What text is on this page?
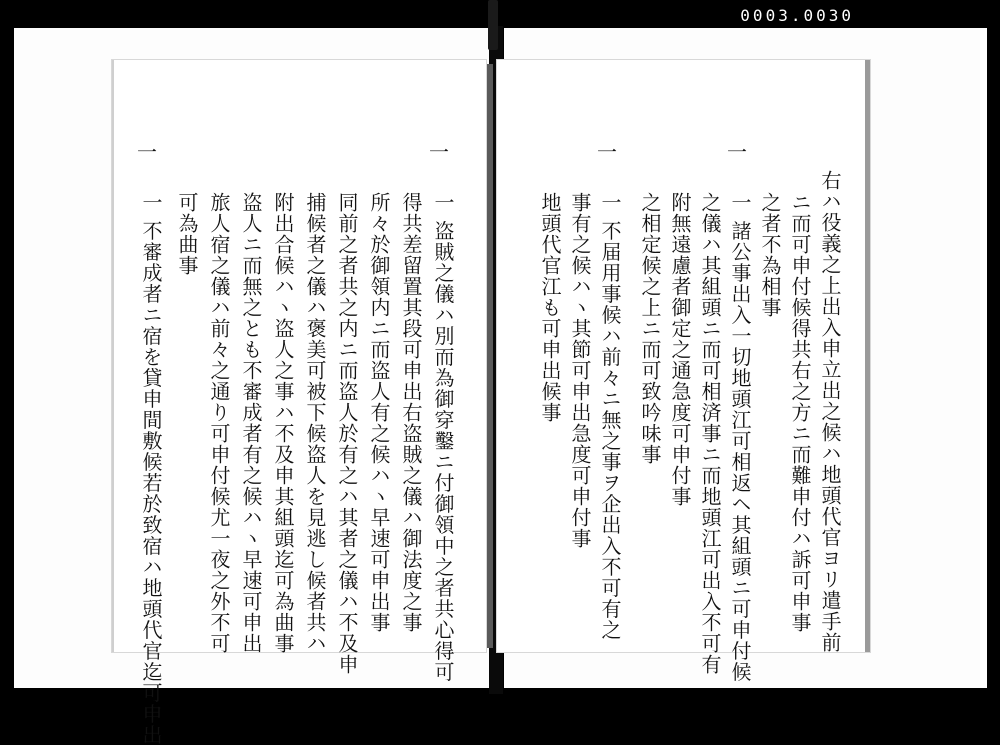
0003.0030
一
一
右ハ役義之上出入申立出之候ハ地頭代官ヨリ遣手前
ニ而可申付候得共右之方ニ而難申付ハ訴可申事
之者不為相事
一 諸公事出入一切地頭江可相返ヘ其組頭ニ可申付候
之儀ハ其組頭ニ而可相済事ニ而地頭江可出入不可有
附無遠慮者御定之通急度可申付事
之相定候之上ニ而可致吟味事
一 不届用事候ハ前々ニ無之事ヲ企出入不可有之
事有之候ハヽ其節可申出急度可申付事
地頭代官江も可申出候事
一
一
一 盗賊之儀ハ別而為御穿鑿ニ付御領中之者共心得可
得共差留置其段可申出右盗賊之儀ハ御法度之事
所々於御領内ニ而盗人有之候ハヽ早速可申出事
同前之者共之内ニ而盗人於有之ハ其者之儀ハ不及申
捕候者之儀ハ褒美可被下候盗人を見逃し候者共ハ
附出合候ハヽ盗人之事ハ不及申其組頭迄可為曲事
盗人ニ而無之とも不審成者有之候ハヽ早速可申出
旅人宿之儀ハ前々之通り可申付候尤一夜之外不可
可為曲事
一 不審成者ニ宿を貸申間敷候若於致宿ハ地頭代官迄可申出
